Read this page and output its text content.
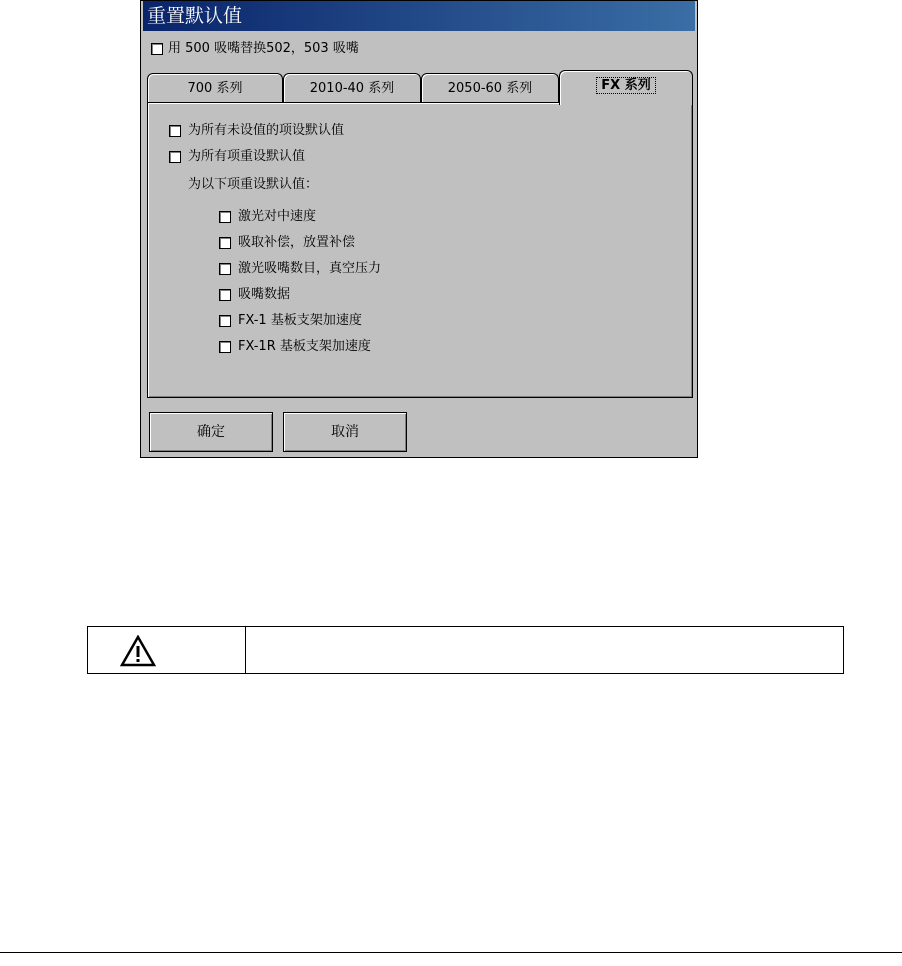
重置默认值
用 500 吸嘴替换502，503 吸嘴
700 系列	2010-40 系列	2050-60 系列	FX 系列
为所有未设值的项设默认值
为所有项重设默认值
为以下项重设默认值：
激光对中速度
吸取补偿，放置补偿
激光吸嘴数目，真空压力
吸嘴数据
FX-1 基板支架加速度
FX-1R 基板支架加速度
确定	取消
